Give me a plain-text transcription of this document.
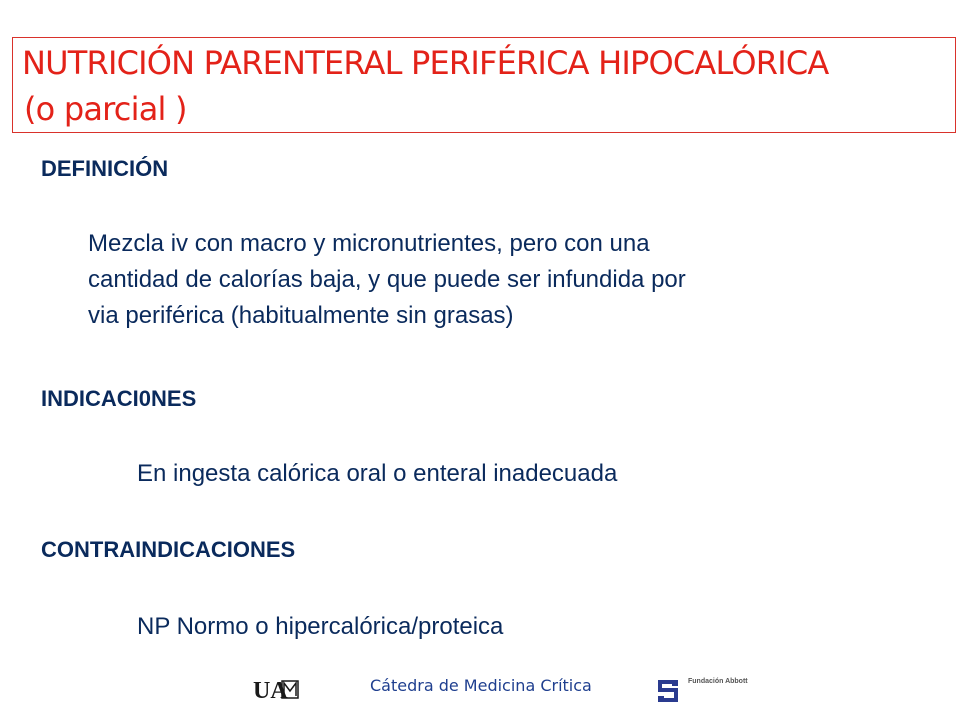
NUTRICIÓN PARENTERAL PERIFÉRICA HIPOCALÓRICA
(o parcial )
DEFINICIÓN
Mezcla iv con macro y micronutrientes, pero con una
cantidad de calorías baja, y que puede ser infundida por
via periférica (habitualmente sin grasas)
INDICACI0NES
En ingesta calórica oral o enteral inadecuada
CONTRAINDICACIONES
NP Normo o hipercalórica/proteica
UA	Cátedra de Medicina Crítica	Fundación Abbott
